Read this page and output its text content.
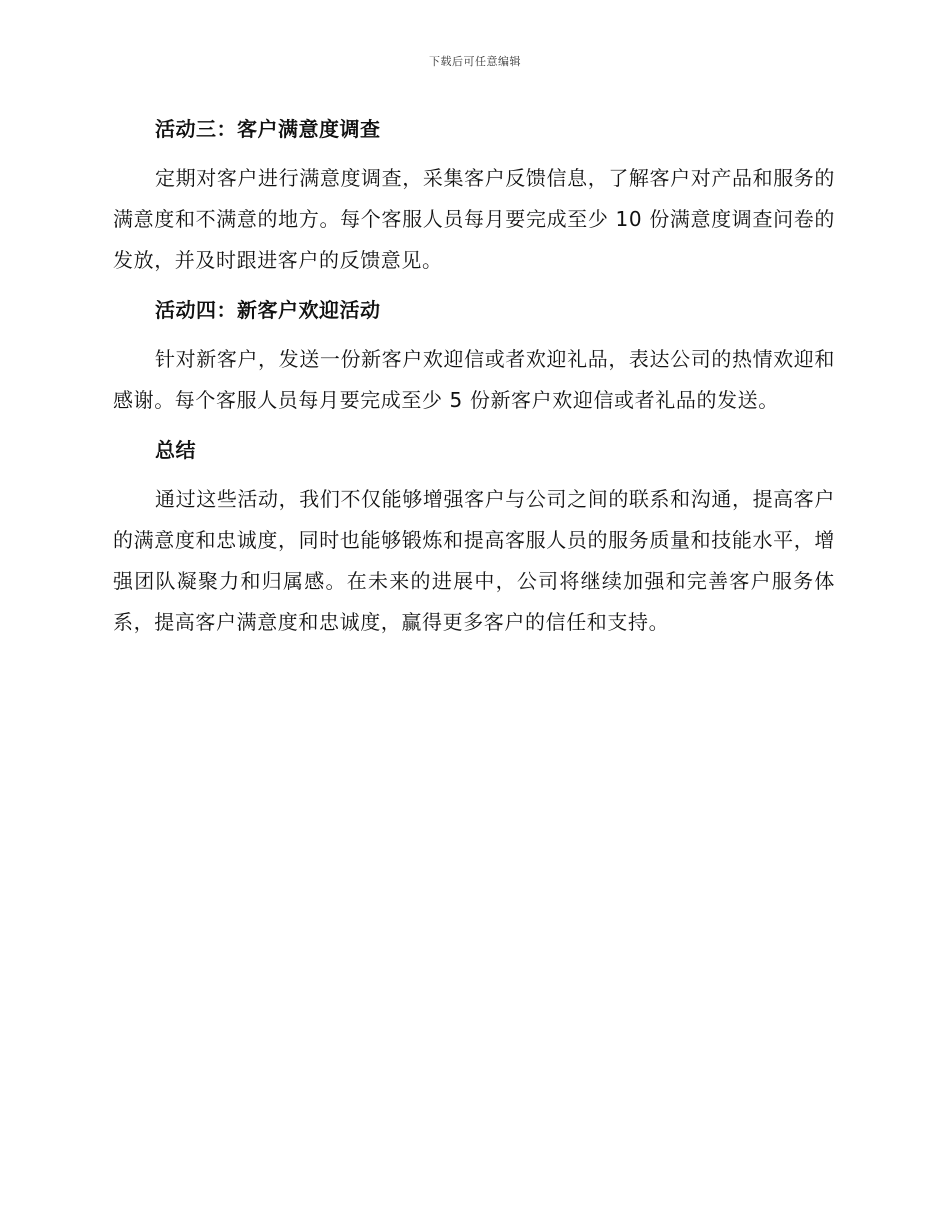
下载后可任意编辑
活动三：客户满意度调查

定期对客户进行满意度调查，采集客户反馈信息，了解客户对产品和服务的满意度和不满意的地方。每个客服人员每月要完成至少 10 份满意度调查问卷的发放，并及时跟进客户的反馈意见。

活动四：新客户欢迎活动

针对新客户，发送一份新客户欢迎信或者欢迎礼品，表达公司的热情欢迎和感谢。每个客服人员每月要完成至少 5 份新客户欢迎信或者礼品的发送。

总结

通过这些活动，我们不仅能够增强客户与公司之间的联系和沟通，提高客户的满意度和忠诚度，同时也能够锻炼和提高客服人员的服务质量和技能水平，增强团队凝聚力和归属感。在未来的进展中，公司将继续加强和完善客户服务体系，提高客户满意度和忠诚度，赢得更多客户的信任和支持。
